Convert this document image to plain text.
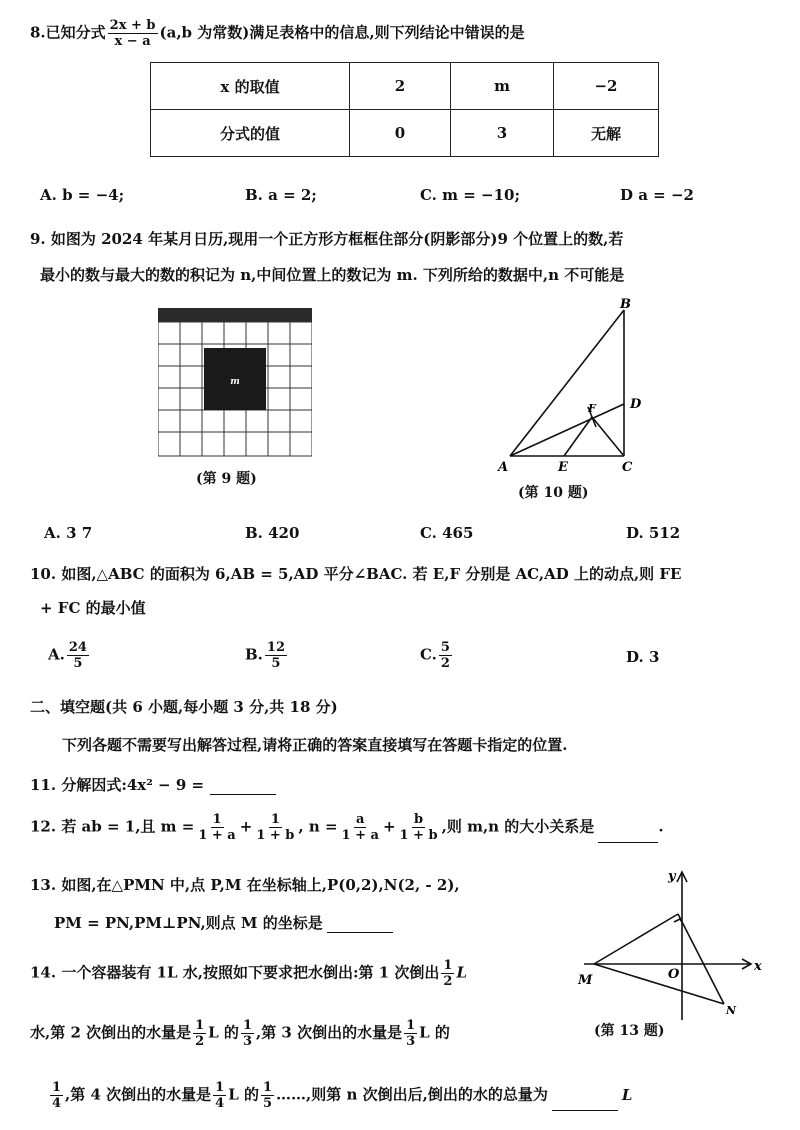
8.已知分式 $\frac{2x + b}{x - a} (a,b$ 为常数)满足表格中的信息,则下列结论中错误的是
x 的取值	2	m	−2
分式的值	0	3	无解
A. b = −4;	B. a = 2;	C. m = −10;	D a = −2
9. 如图为 2024 年某月日历,现用一个正方形方框框住部分(阴影部分)9 个位置上的数,若
最小的数与最大的数的积记为 n,中间位置上的数记为 m. 下列所给的数据中,n 不可能是
m
(第 9 题)
B
D
F
A	E	C
(第 10 题)
A. 3 7	B. 420	C. 465	D. 512
10. 如图,△ABC 的面积为 6,AB = 5,AD 平分∠BAC. 若 E,F 分别是 AC,AD 上的动点,则 FE
+ FC 的最小值
A. $\frac{24}{5}$	B. $\frac{12}{5}$	C. $\frac{5}{2}$	D. 3
二、填空题(共 6 小题,每小题 3 分,共 18 分)
下列各题不需要写出解答过程,请将正确的答案直接填写在答题卡指定的位置.
11. 分解因式:4x² − 9 =
12. 若 ab = 1,且 $m = \frac{1}{1 + a} + \frac{1}{1 + b}$ , $n = \frac{a}{1 + a} + \frac{b}{1 + b}$ ,则 m,n 的大小关系是	.
13. 如图,在△PMN 中,点 P,M 在坐标轴上,P(0,2),N(2, - 2),
PM = PN,PM⊥PN,则点 M 的坐标是
y
x
O
M
N
(第 13 题)
14. 一个容器装有 1L 水,按照如下要求把水倒出:第 1 次倒出 $\frac{1}{2}$ L
水,第 2 次倒出的水量是 $\frac{1}{2}$ L 的 $\frac{1}{3}$ ,第 3 次倒出的水量是 $\frac{1}{3}$ L 的
$\frac{1}{4}$ ,第 4 次倒出的水量是 $\frac{1}{4}$ L 的 $\frac{1}{5}$ ……,则第 n 次倒出后,倒出的水的总量为	L
